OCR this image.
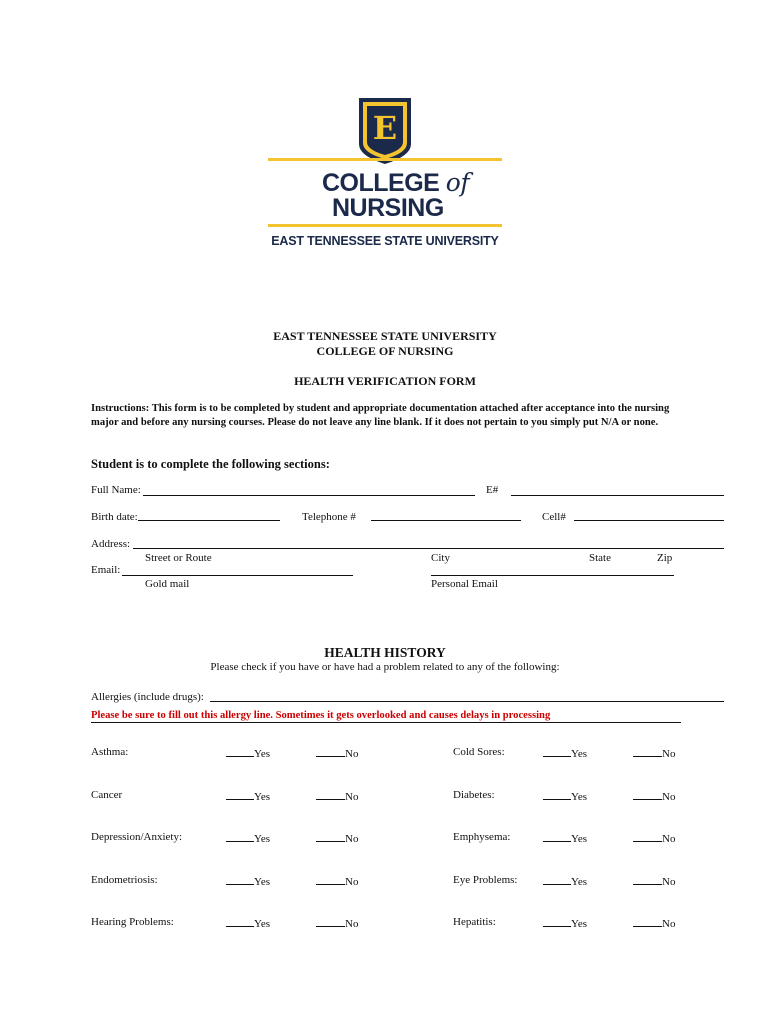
E
COLLEGE of
NURSING
EAST TENNESSEE STATE UNIVERSITY
EAST TENNESSEE STATE UNIVERSITY
COLLEGE OF NURSING
HEALTH VERIFICATION FORM
Instructions: This form is to be completed by student and appropriate documentation attached after acceptance into the nursing major and before any nursing courses. Please do not leave any line blank. If it does not pertain to you simply put N/A or none.
Student is to complete the following sections:
Full Name:	E#
Birth date:	Telephone #	Cell#
Address:
Street or Route	City	State	Zip
Email:
Gold mail	Personal Email
HEALTH HISTORY
Please check if you have or have had a problem related to any of the following:
Allergies (include drugs):
Please be sure to fill out this allergy line. Sometimes it gets overlooked and causes delays in processing
Asthma:	Yes	No	Cold Sores:	Yes	No
Cancer	Yes	No	Diabetes:	Yes	No
Depression/Anxiety:	Yes	No	Emphysema:	Yes	No
Endometriosis:	Yes	No	Eye Problems:	Yes	No
Hearing Problems:	Yes	No	Hepatitis:	Yes	No
